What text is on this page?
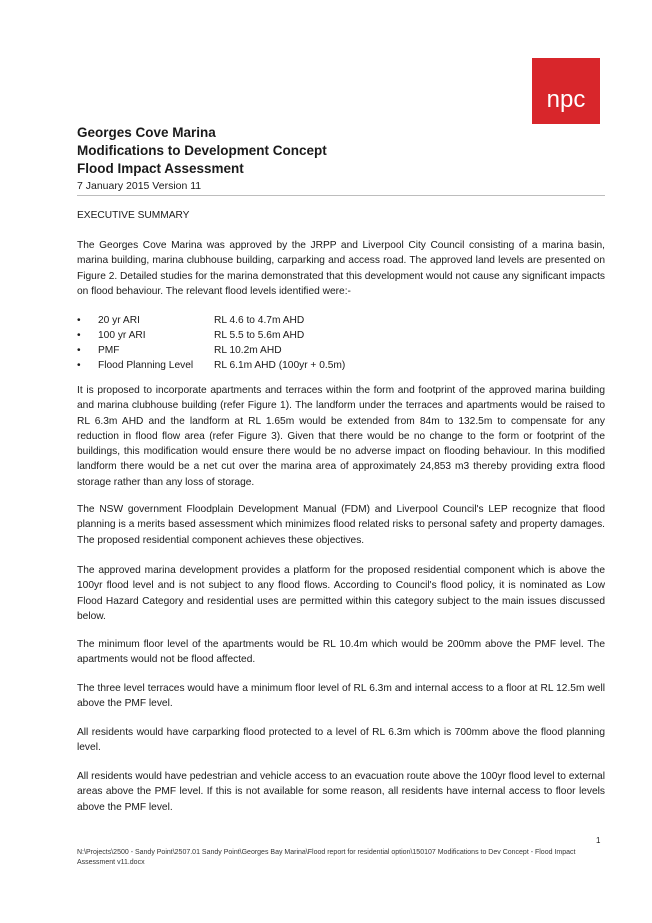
npc
Georges Cove Marina
Modifications to Development Concept
Flood Impact Assessment
7 January 2015 Version 11
EXECUTIVE SUMMARY
The Georges Cove Marina was approved by the JRPP and Liverpool City Council consisting of a marina basin, marina building, marina clubhouse building, carparking and access road. The approved land levels are presented on Figure 2. Detailed studies for the marina demonstrated that this development would not cause any significant impacts on flood behaviour. The relevant flood levels identified were:-
•	20 yr ARI	RL 4.6 to 4.7m AHD
•	100 yr ARI	RL 5.5 to 5.6m AHD
•	PMF	RL 10.2m AHD
•	Flood Planning Level	RL 6.1m AHD (100yr + 0.5m)
It is proposed to incorporate apartments and terraces within the form and footprint of the approved marina building and marina clubhouse building (refer Figure 1). The landform under the terraces and apartments would be raised to RL 6.3m AHD and the landform at RL 1.65m would be extended from 84m to 132.5m to compensate for any reduction in flood flow area (refer Figure 3). Given that there would be no change to the form or footprint of the buildings, this modification would ensure there would be no adverse impact on flooding behaviour. In this modified landform there would be a net cut over the marina area of approximately 24,853 m3 thereby providing extra flood storage rather than any loss of storage.
The NSW government Floodplain Development Manual (FDM) and Liverpool Council's LEP recognize that flood planning is a merits based assessment which minimizes flood related risks to personal safety and property damages. The proposed residential component achieves these objectives.
The approved marina development provides a platform for the proposed residential component which is above the 100yr flood level and is not subject to any flood flows. According to Council's flood policy, it is nominated as Low Flood Hazard Category and residential uses are permitted within this category subject to the main issues discussed below.
The minimum floor level of the apartments would be RL 10.4m which would be 200mm above the PMF level. The apartments would not be flood affected.
The three level terraces would have a minimum floor level of RL 6.3m and internal access to a floor at RL 12.5m well above the PMF level.
All residents would have carparking flood protected to a level of RL 6.3m which is 700mm above the flood planning level.
All residents would have pedestrian and vehicle access to an evacuation route above the 100yr flood level to external areas above the PMF level. If this is not available for some reason, all residents have internal access to floor levels above the PMF level.
1
N:\Projects\2500 - Sandy Point\2507.01 Sandy Point\Georges Bay Marina\Flood report for residential option\150107 Modifications to Dev Concept - Flood Impact Assessment v11.docx
